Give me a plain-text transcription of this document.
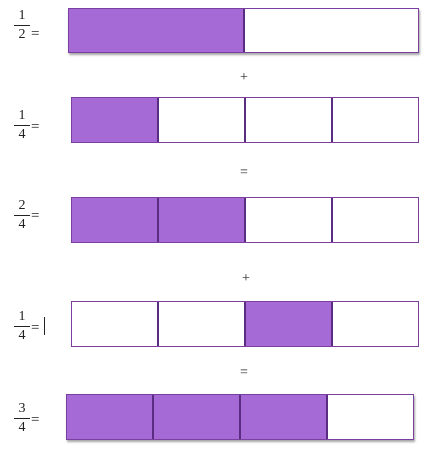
1
2 =
+
1
4 =
=
2
4
=
+
1
4 =
=
3
4 =
